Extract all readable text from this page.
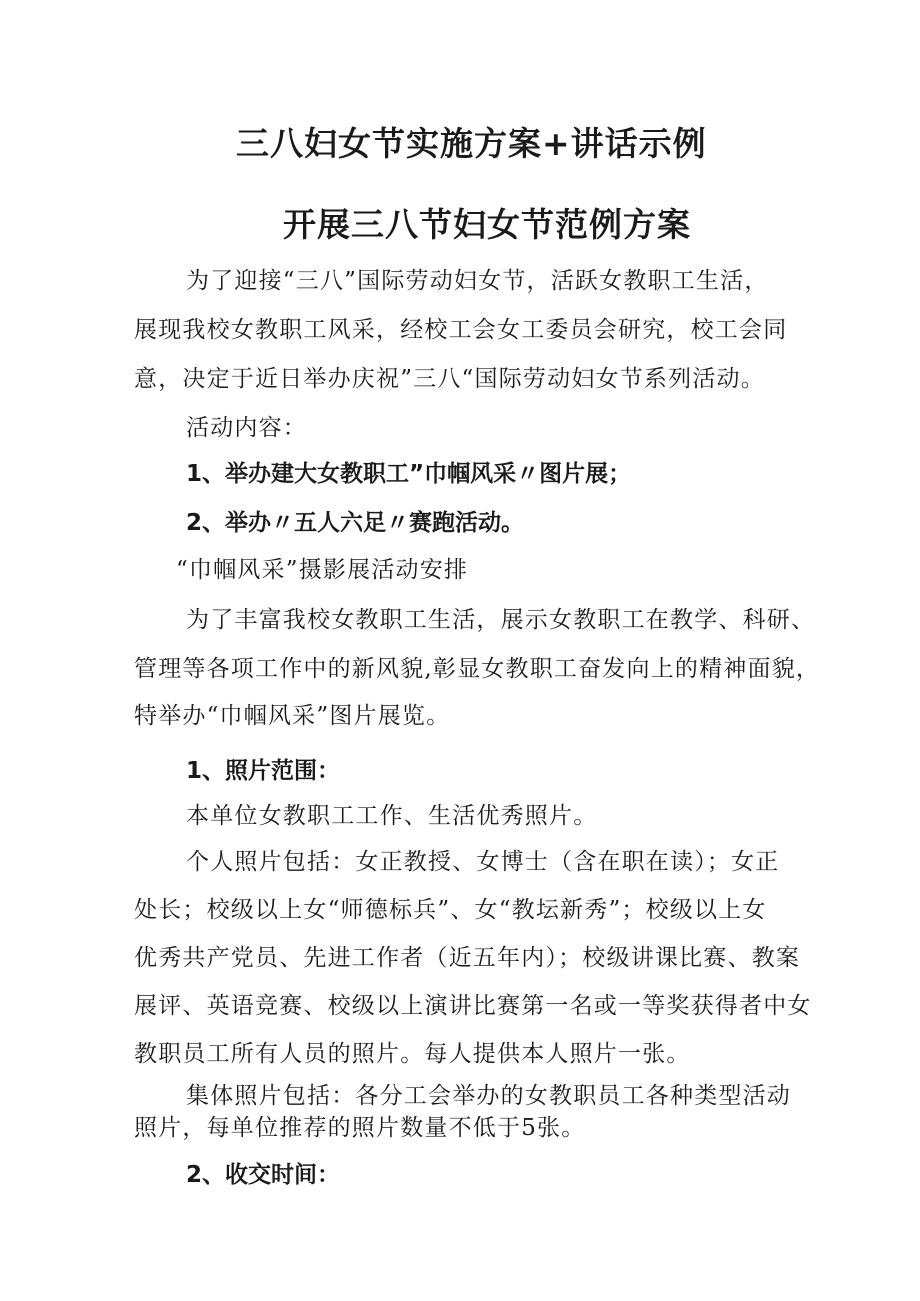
三八妇女节实施方案+讲话示例
开展三八节妇女节范例方案
为了迎接“三八”国际劳动妇女节，活跃女教职工生活，
展现我校女教职工风采，经校工会女工委员会研究，校工会同
意，决定于近日举办庆祝”三八“国际劳动妇女节系列活动。
活动内容：
1、举办建大女教职工”巾帼风采〃图片展；
2、举办〃五人六足〃赛跑活动。
“巾帼风采”摄影展活动安排
为了丰富我校女教职工生活，展示女教职工在教学、科研、
管理等各项工作中的新风貌,彰显女教职工奋发向上的精神面貌，
特举办“巾帼风采”图片展览。
1、照片范围：
本单位女教职工工作、生活优秀照片。
个人照片包括：女正教授、女博士（含在职在读）；女正
处长；校级以上女“师德标兵”、女“教坛新秀”；校级以上女
优秀共产党员、先进工作者（近五年内）；校级讲课比赛、教案
展评、英语竞赛、校级以上演讲比赛第一名或一等奖获得者中女
教职员工所有人员的照片。每人提供本人照片一张。
集体照片包括：各分工会举办的女教职员工各种类型活动
照片，每单位推荐的照片数量不低于5张。
2、收交时间：
